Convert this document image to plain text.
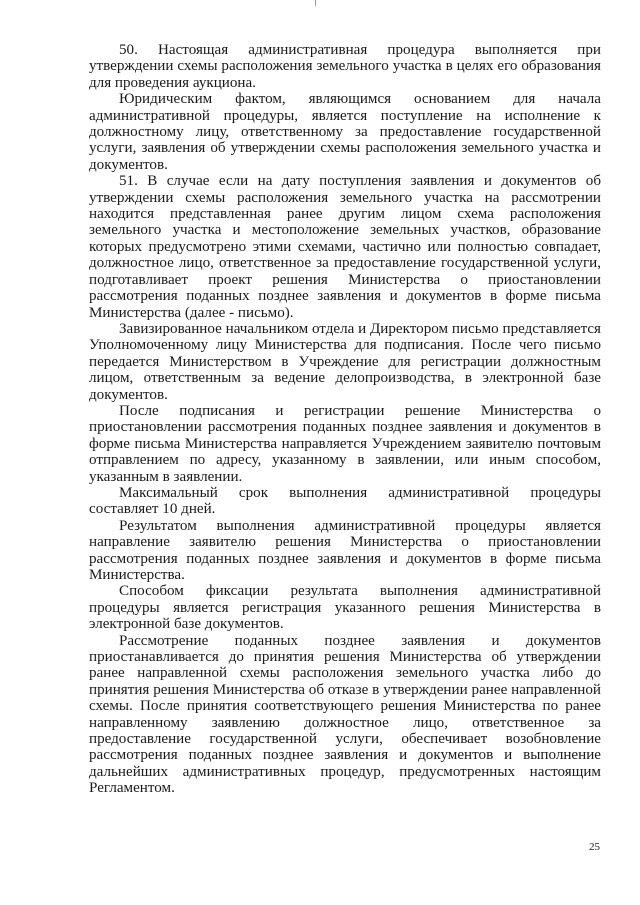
50. Настоящая административная процедура выполняется при утверждении схемы расположения земельного участка в целях его образования для проведения аукциона.

Юридическим фактом, являющимся основанием для начала административной процедуры, является поступление на исполнение к должностному лицу, ответственному за предоставление государственной услуги, заявления об утверждении схемы расположения земельного участка и документов.

51. В случае если на дату поступления заявления и документов об утверждении схемы расположения земельного участка на рассмотрении находится представленная ранее другим лицом схема расположения земельного участка и местоположение земельных участков, образование которых предусмотрено этими схемами, частично или полностью совпадает, должностное лицо, ответственное за предоставление государственной услуги, подготавливает проект решения Министерства о приостановлении рассмотрения поданных позднее заявления и документов в форме письма Министерства (далее - письмо).

Завизированное начальником отдела и Директором письмо представляется Уполномоченному лицу Министерства для подписания. После чего письмо передается Министерством в Учреждение для регистрации должностным лицом, ответственным за ведение делопроизводства, в электронной базе документов.

После подписания и регистрации решение Министерства о приостановлении рассмотрения поданных позднее заявления и документов в форме письма Министерства направляется Учреждением заявителю почтовым отправлением по адресу, указанному в заявлении, или иным способом, указанным в заявлении.

Максимальный срок выполнения административной процедуры составляет 10 дней.

Результатом выполнения административной процедуры является направление заявителю решения Министерства о приостановлении рассмотрения поданных позднее заявления и документов в форме письма Министерства.

Способом фиксации результата выполнения административной процедуры является регистрация указанного решения Министерства в электронной базе документов.

Рассмотрение поданных позднее заявления и документов приостанавливается до принятия решения Министерства об утверждении ранее направленной схемы расположения земельного участка либо до принятия решения Министерства об отказе в утверждении ранее направленной схемы. После принятия соответствующего решения Министерства по ранее направленному заявлению должностное лицо, ответственное за предоставление государственной услуги, обеспечивает возобновление рассмотрения поданных позднее заявления и документов и выполнение дальнейших административных процедур, предусмотренных настоящим Регламентом.

25
